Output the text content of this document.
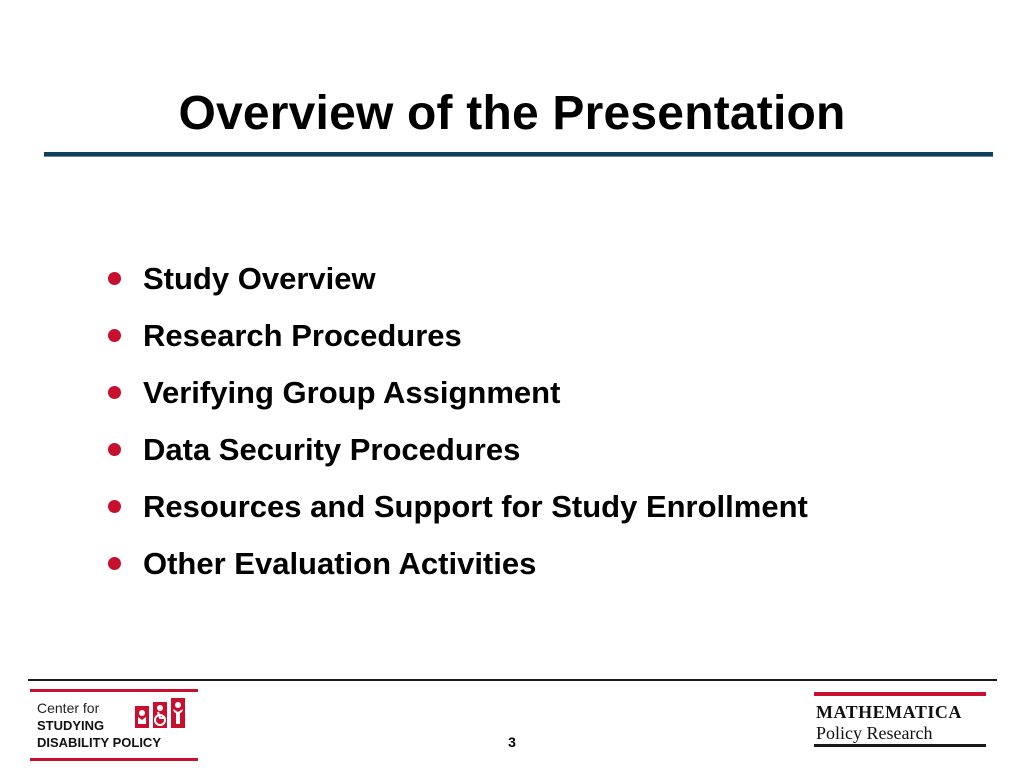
Overview of the Presentation
Study Overview
Research Procedures
Verifying Group Assignment
Data Security Procedures
Resources and Support for Study Enrollment
Other Evaluation Activities
Center for
STUDYING
DISABILITY POLICY	3
MATHEMATICA
Policy Research
